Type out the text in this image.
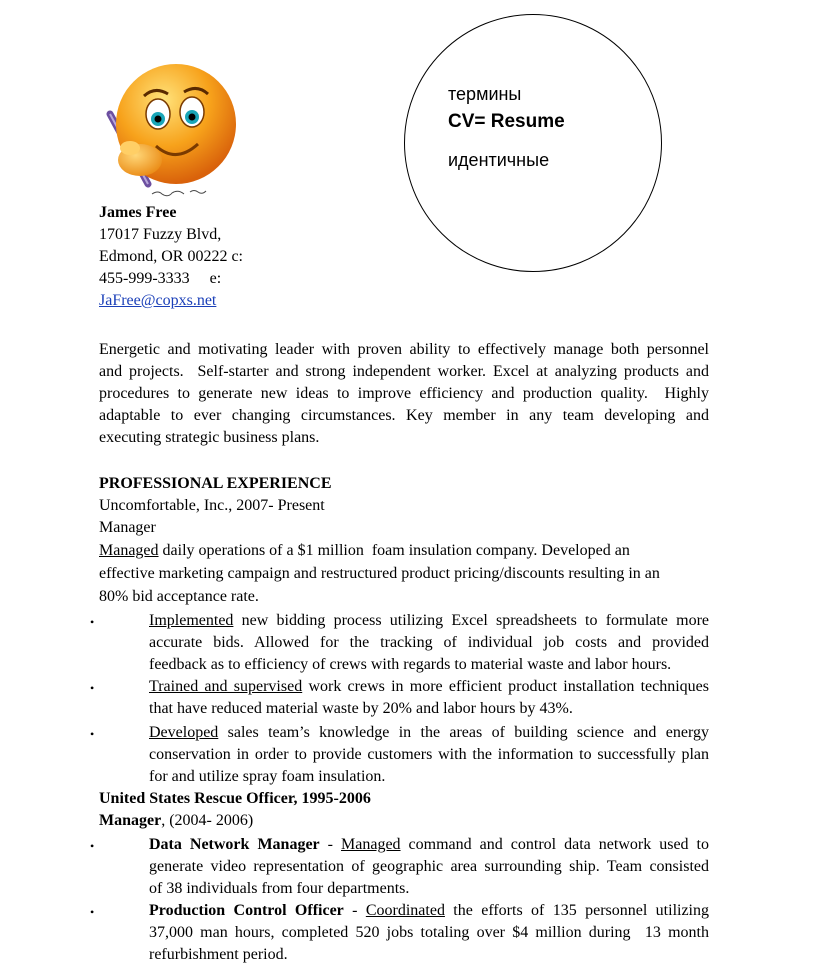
термины
CV= Resume
идентичные
James Free
17017 Fuzzy Blvd,
Edmond, OR 00222 c:
455-999-3333     e:
JaFree@copxs.net
Energetic and motivating leader with proven ability to effectively manage both personnel
and projects.  Self-starter and strong independent worker. Excel at analyzing products and
procedures to generate new ideas to improve efficiency and production quality.  Highly
adaptable to ever changing circumstances. Key member in any team developing and
executing strategic business plans.
PROFESSIONAL EXPERIENCE
Uncomfortable, Inc., 2007- Present
Manager
Managed daily operations of a $1 million  foam insulation company. Developed an
effective marketing campaign and restructured product pricing/discounts resulting in an
80% bid acceptance rate.
•	Implemented new bidding process utilizing Excel spreadsheets to formulate more
accurate bids. Allowed for the tracking of individual job costs and provided
feedback as to efficiency of crews with regards to material waste and labor hours.
•	Trained and supervised work crews in more efficient product installation techniques
that have reduced material waste by 20% and labor hours by 43%.
•	Developed sales team’s knowledge in the areas of building science and energy
conservation in order to provide customers with the information to successfully plan
for and utilize spray foam insulation.
United States Rescue Officer, 1995-2006
Manager, (2004- 2006)
•	Data Network Manager - Managed command and control data network used to
generate video representation of geographic area surrounding ship. Team consisted
of 38 individuals from four departments.
•	Production Control Officer - Coordinated the efforts of 135 personnel utilizing
37,000 man hours, completed 520 jobs totaling over $4 million during  13 month
refurbishment period.
